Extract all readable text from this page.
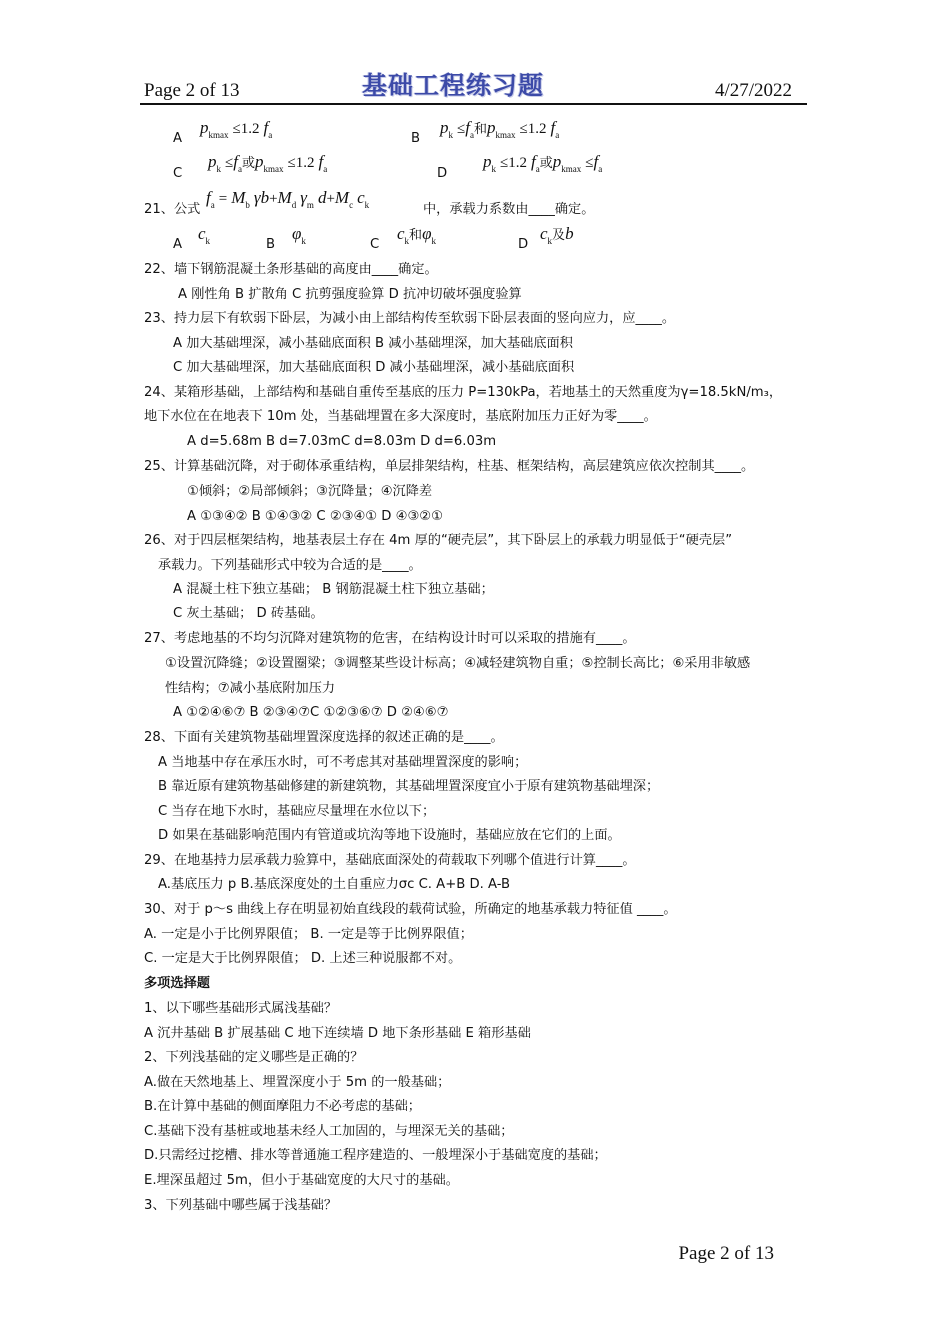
Page 2 of 13	基础工程练习题	4/27/2022
A
$p_{kmax} \le 1.2$ $f_a$	B
$p_k \le f_a$和$p_{kmax} \le 1.2$ $f_a$
C
$p_k \le f_a$或$p_{kmax} \le 1.2$ $f_a$	D
$p_k \le 1.2$ $f_a$或$p_{kmax} \le f_a$
21、公式
$f_a = M_b$ $\gamma b+M_d$ $\gamma_m$ $d+M_c$ $c_k$	中，承载力系数由____确定。
A
$c_k$	B
$\varphi_k$	C
$c_k$和$\varphi_k$	D
$c_k$及b
22、墙下钢筋混凝土条形基础的高度由____确定。
A 刚性角 B 扩散角 C 抗剪强度验算 D 抗冲切破坏强度验算
23、持力层下有软弱下卧层，为减小由上部结构传至软弱下卧层表面的竖向应力，应____。
A 加大基础埋深，减小基础底面积 B 减小基础埋深，加大基础底面积
C 加大基础埋深，加大基础底面积 D 减小基础埋深，减小基础底面积
24、某箱形基础，上部结构和基础自重传至基底的压力 P=130kPa，若地基土的天然重度为γ=18.5kN/m₃，
地下水位在在地表下 10m 处，当基础埋置在多大深度时，基底附加压力正好为零____。
A d=5.68m B d=7.03mC d=8.03m D d=6.03m
25、计算基础沉降，对于砌体承重结构，单层排架结构，柱基、框架结构，高层建筑应依次控制其____。
①倾斜；②局部倾斜；③沉降量；④沉降差
A ①③④② B ①④③② C ②③④① D ④③②①
26、对于四层框架结构，地基表层土存在 4m 厚的“硬壳层”，其下卧层上的承载力明显低于“硬壳层”
承载力。下列基础形式中较为合适的是____。
A 混凝土柱下独立基础； B 钢筋混凝土柱下独立基础；
C 灰土基础； D 砖基础。
27、考虑地基的不均匀沉降对建筑物的危害，在结构设计时可以采取的措施有____。
①设置沉降缝；②设置圈梁；③调整某些设计标高；④减轻建筑物自重；⑤控制长高比；⑥采用非敏感
性结构；⑦减小基底附加压力
A ①②④⑥⑦ B ②③④⑦C ①②③⑥⑦ D ②④⑥⑦
28、下面有关建筑物基础埋置深度选择的叙述正确的是____。
A 当地基中存在承压水时，可不考虑其对基础埋置深度的影响；
B 靠近原有建筑物基础修建的新建筑物，其基础埋置深度宜小于原有建筑物基础埋深；
C 当存在地下水时，基础应尽量埋在水位以下；
D 如果在基础影响范围内有管道或坑沟等地下设施时，基础应放在它们的上面。
29、在地基持力层承载力验算中，基础底面深处的荷载取下列哪个值进行计算____。
A.基底压力 p B.基底深度处的土自重应力σc C. A+B D. A-B
30、对于 p～s 曲线上存在明显初始直线段的载荷试验，所确定的地基承载力特征值 ____。
A. 一定是小于比例界限值； B. 一定是等于比例界限值；
C. 一定是大于比例界限值； D. 上述三种说服都不对。
多项选择题
1、以下哪些基础形式属浅基础？
A 沉井基础 B 扩展基础 C 地下连续墙 D 地下条形基础 E 箱形基础
2、下列浅基础的定义哪些是正确的？
A.做在天然地基上、埋置深度小于 5m 的一般基础；
B.在计算中基础的侧面摩阻力不必考虑的基础；
C.基础下没有基桩或地基未经人工加固的，与埋深无关的基础；
D.只需经过挖槽、排水等普通施工程序建造的、一般埋深小于基础宽度的基础；
E.埋深虽超过 5m，但小于基础宽度的大尺寸的基础。
3、下列基础中哪些属于浅基础？
Page 2 of 13
